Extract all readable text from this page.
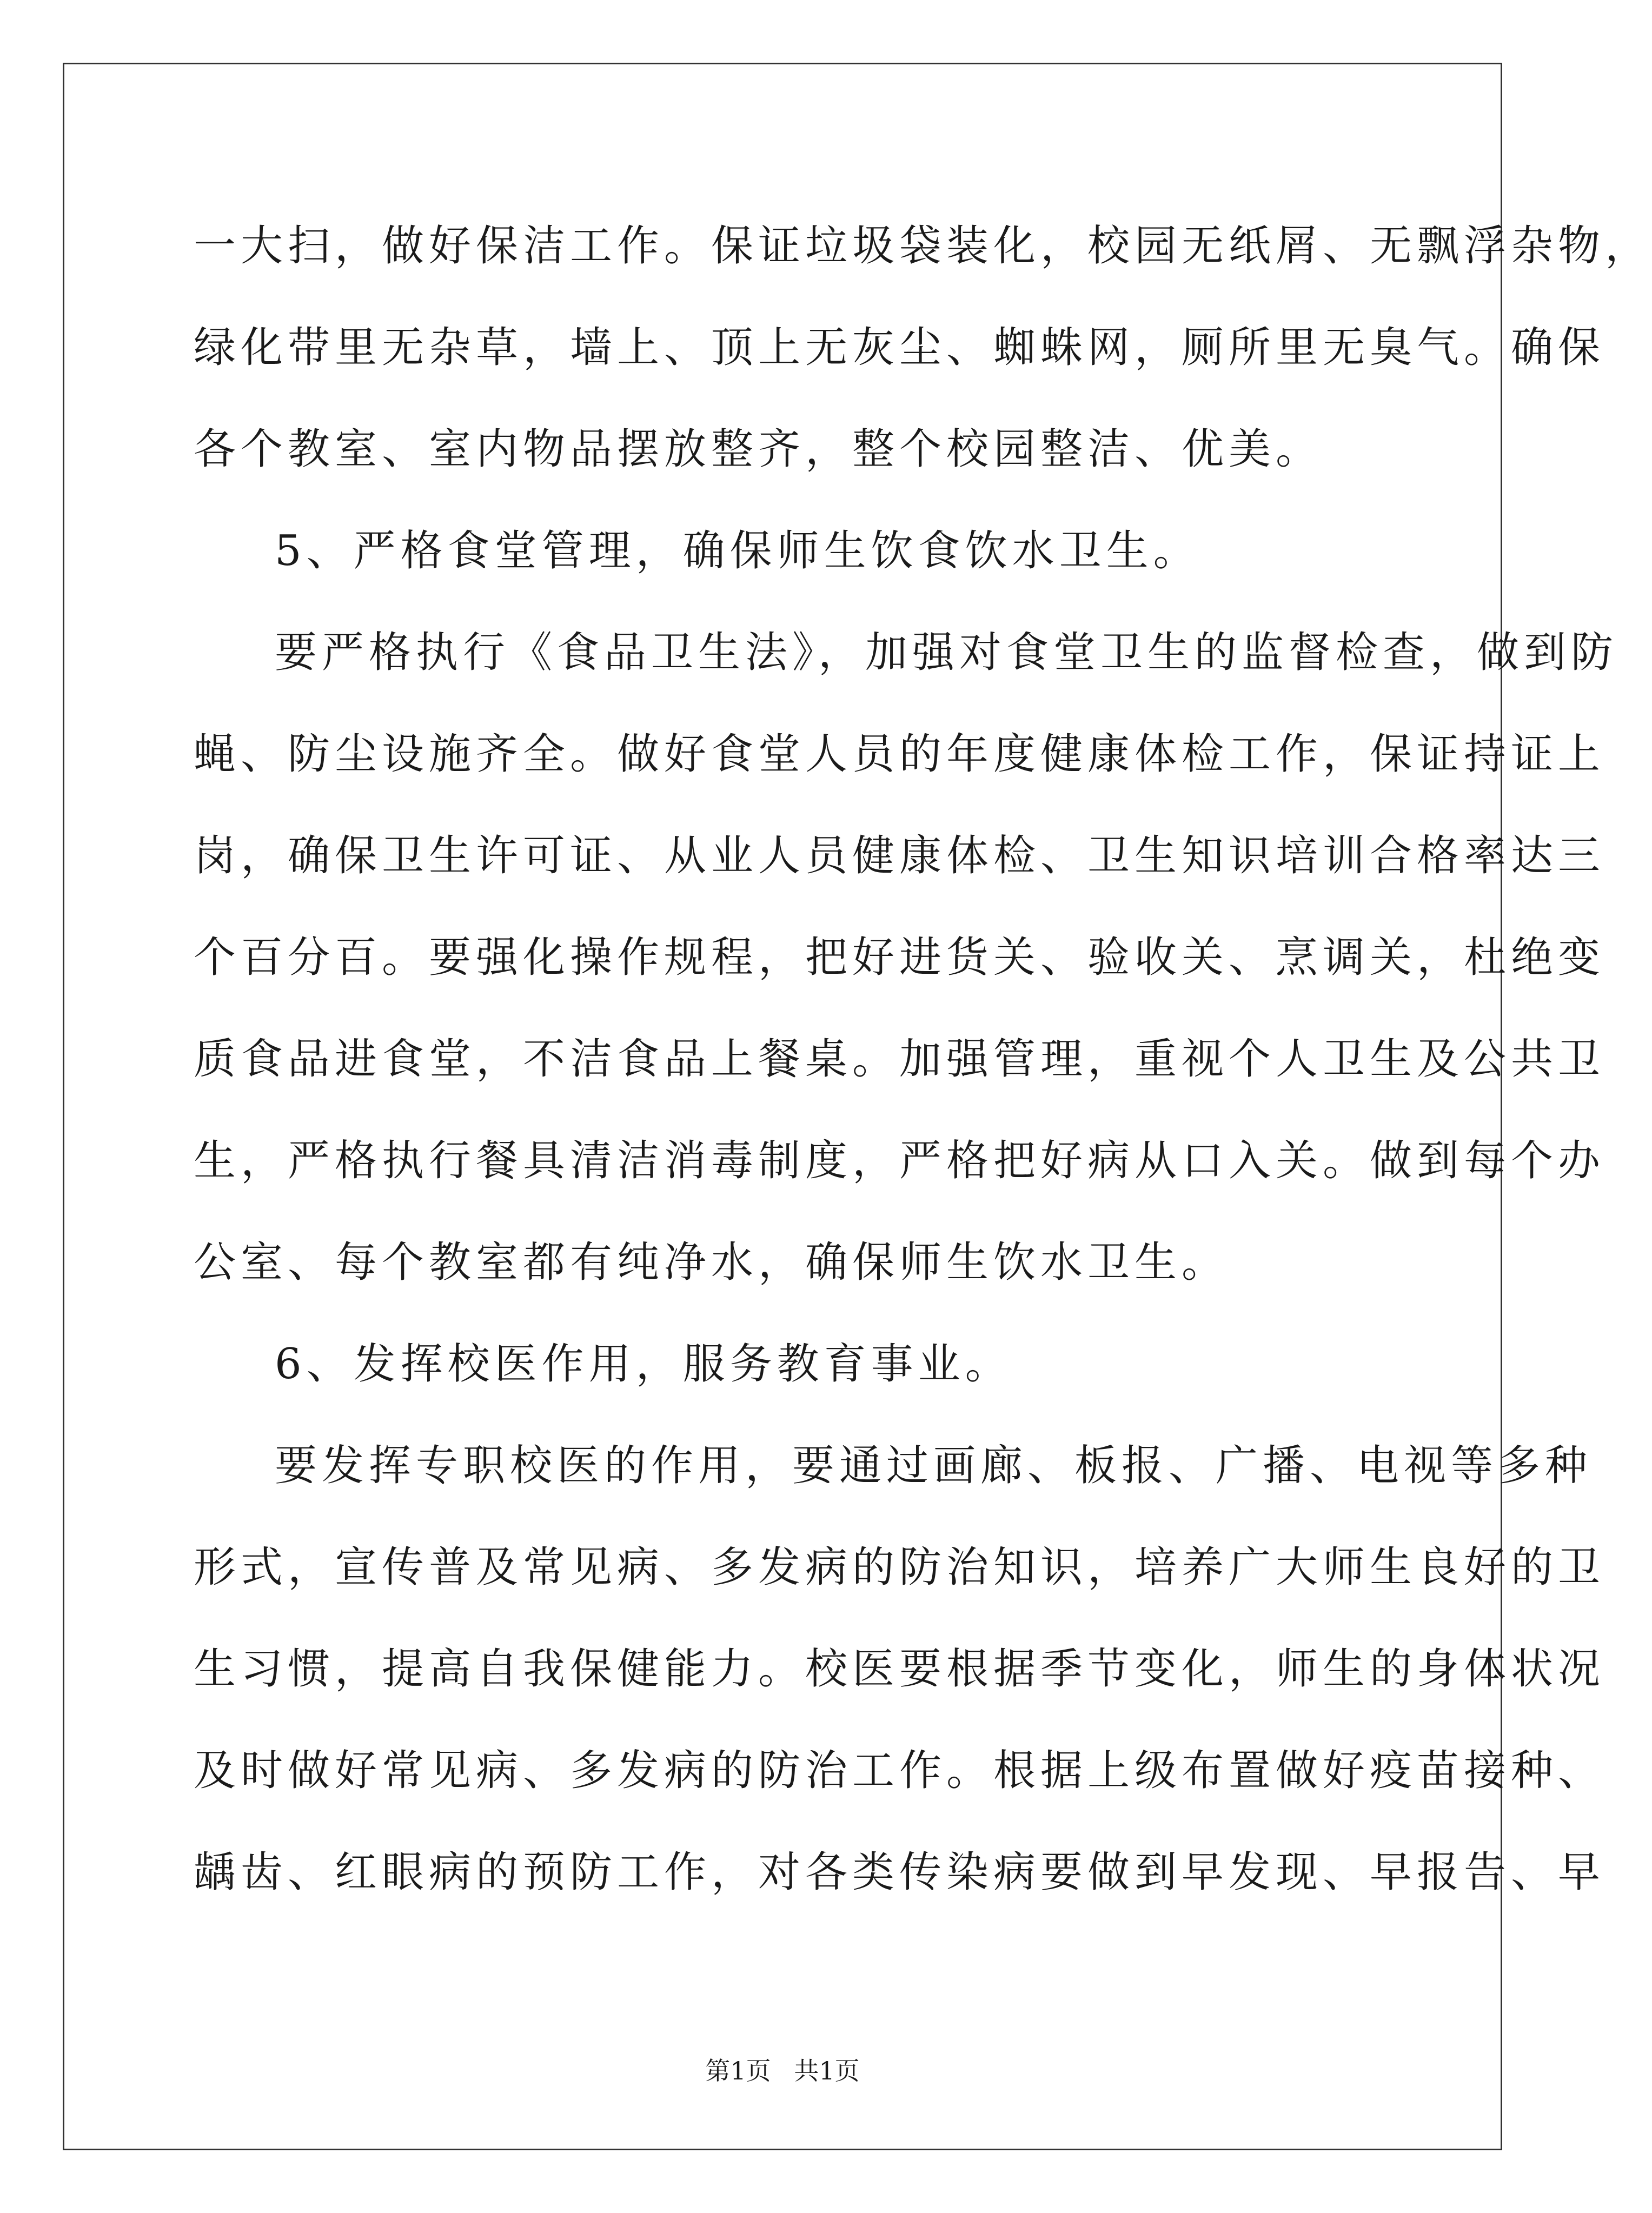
一大扫，做好保洁工作。保证垃圾袋装化，校园无纸屑、无飘浮杂物，
绿化带里无杂草，墙上、顶上无灰尘、蜘蛛网，厕所里无臭气。确保
各个教室、室内物品摆放整齐，整个校园整洁、优美。
5、严格食堂管理，确保师生饮食饮水卫生。
要严格执行《食品卫生法》，加强对食堂卫生的监督检查，做到防
蝇、防尘设施齐全。做好食堂人员的年度健康体检工作，保证持证上
岗，确保卫生许可证、从业人员健康体检、卫生知识培训合格率达三
个百分百。要强化操作规程，把好进货关、验收关、烹调关，杜绝变
质食品进食堂，不洁食品上餐桌。加强管理，重视个人卫生及公共卫
生，严格执行餐具清洁消毒制度，严格把好病从口入关。做到每个办
公室、每个教室都有纯净水，确保师生饮水卫生。
6、发挥校医作用，服务教育事业。
要发挥专职校医的作用，要通过画廊、板报、广播、电视等多种
形式，宣传普及常见病、多发病的防治知识，培养广大师生良好的卫
生习惯，提高自我保健能力。校医要根据季节变化，师生的身体状况
及时做好常见病、多发病的防治工作。根据上级布置做好疫苗接种、
龋齿、红眼病的预防工作，对各类传染病要做到早发现、早报告、早
第1页 共1页
